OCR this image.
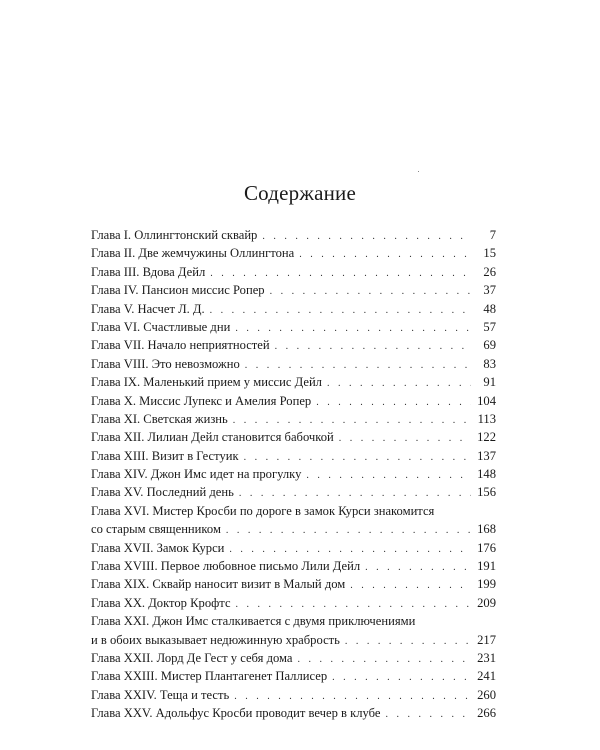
Содержание
Глава I. Оллингтонский сквайр . . .	7
Глава II. Две жемчужины Оллингтона . . .	15
Глава III. Вдова Дейл . . .	26
Глава IV. Пансион миссис Ропер . . .	37
Глава V. Насчет Л. Д. . . .	48
Глава VI. Счастливые дни . . .	57
Глава VII. Начало неприятностей . . .	69
Глава VIII. Это невозможно . . .	83
Глава IX. Маленький прием у миссис Дейл . . .	91
Глава X. Миссис Лупекс и Амелия Ропер . . .	104
Глава XI. Светская жизнь . . .	113
Глава XII. Лилиан Дейл становится бабочкой . . .	122
Глава XIII. Визит в Гестуик . . .	137
Глава XIV. Джон Имс идет на прогулку . . .	148
Глава XV. Последний день . . .	156
Глава XVI. Мистер Кросби по дороге в замок Курси знакомится
со старым священником . . .	168
Глава XVII. Замок Курси . . .	176
Глава XVIII. Первое любовное письмо Лили Дейл . . .	191
Глава XIX. Сквайр наносит визит в Малый дом . . .	199
Глава XX. Доктор Крофтс . . .	209
Глава XXI. Джон Имс сталкивается с двумя приключениями
и в обоих выказывает недюжинную храбрость . . .	217
Глава XXII. Лорд Де Гест у себя дома . . .	231
Глава XXIII. Мистер Плантагенет Паллисер . . .	241
Глава XXIV. Теща и тесть . . .	260
Глава XXV. Адольфус Кросби проводит вечер в клубе . . .	266
